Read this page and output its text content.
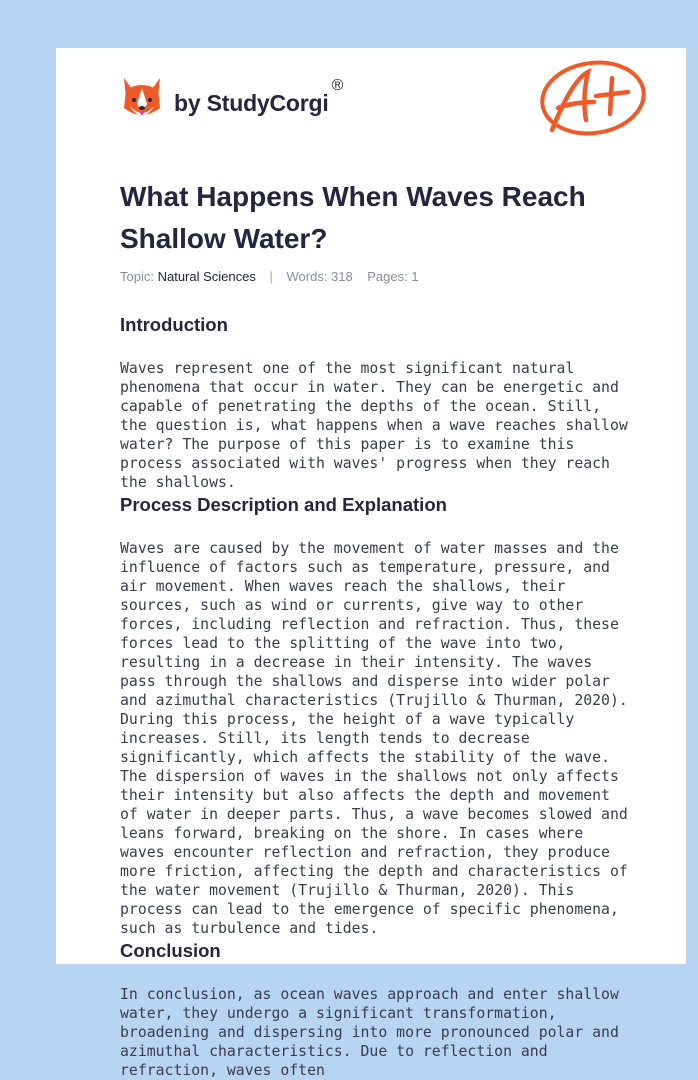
by StudyCorgi
®
What Happens When Waves Reach Shallow Water?
Topic: Natural Sciences | Words: 318 Pages: 1
Introduction

Waves represent one of the most significant natural phenomena that occur in water. They can be energetic and capable of penetrating the depths of the ocean. Still, the question is, what happens when a wave reaches shallow water? The purpose of this paper is to examine this process associated with waves' progress when they reach the shallows.

Process Description and Explanation

Waves are caused by the movement of water masses and the influence of factors such as temperature, pressure, and air movement. When waves reach the shallows, their sources, such as wind or currents, give way to other forces, including reflection and refraction. Thus, these forces lead to the splitting of the wave into two, resulting in a decrease in their intensity. The waves pass through the shallows and disperse into wider polar and azimuthal characteristics (Trujillo & Thurman, 2020). During this process, the height of a wave typically increases. Still, its length tends to decrease significantly, which affects the stability of the wave. The dispersion of waves in the shallows not only affects their intensity but also affects the depth and movement of water in deeper parts. Thus, a wave becomes slowed and leans forward, breaking on the shore. In cases where waves encounter reflection and refraction, they produce more friction, affecting the depth and characteristics of the water movement (Trujillo & Thurman, 2020). This process can lead to the emergence of specific phenomena, such as turbulence and tides.

Conclusion

In conclusion, as ocean waves approach and enter shallow water, they undergo a significant transformation, broadening and dispersing into more pronounced polar and azimuthal characteristics. Due to reflection and refraction, waves often
